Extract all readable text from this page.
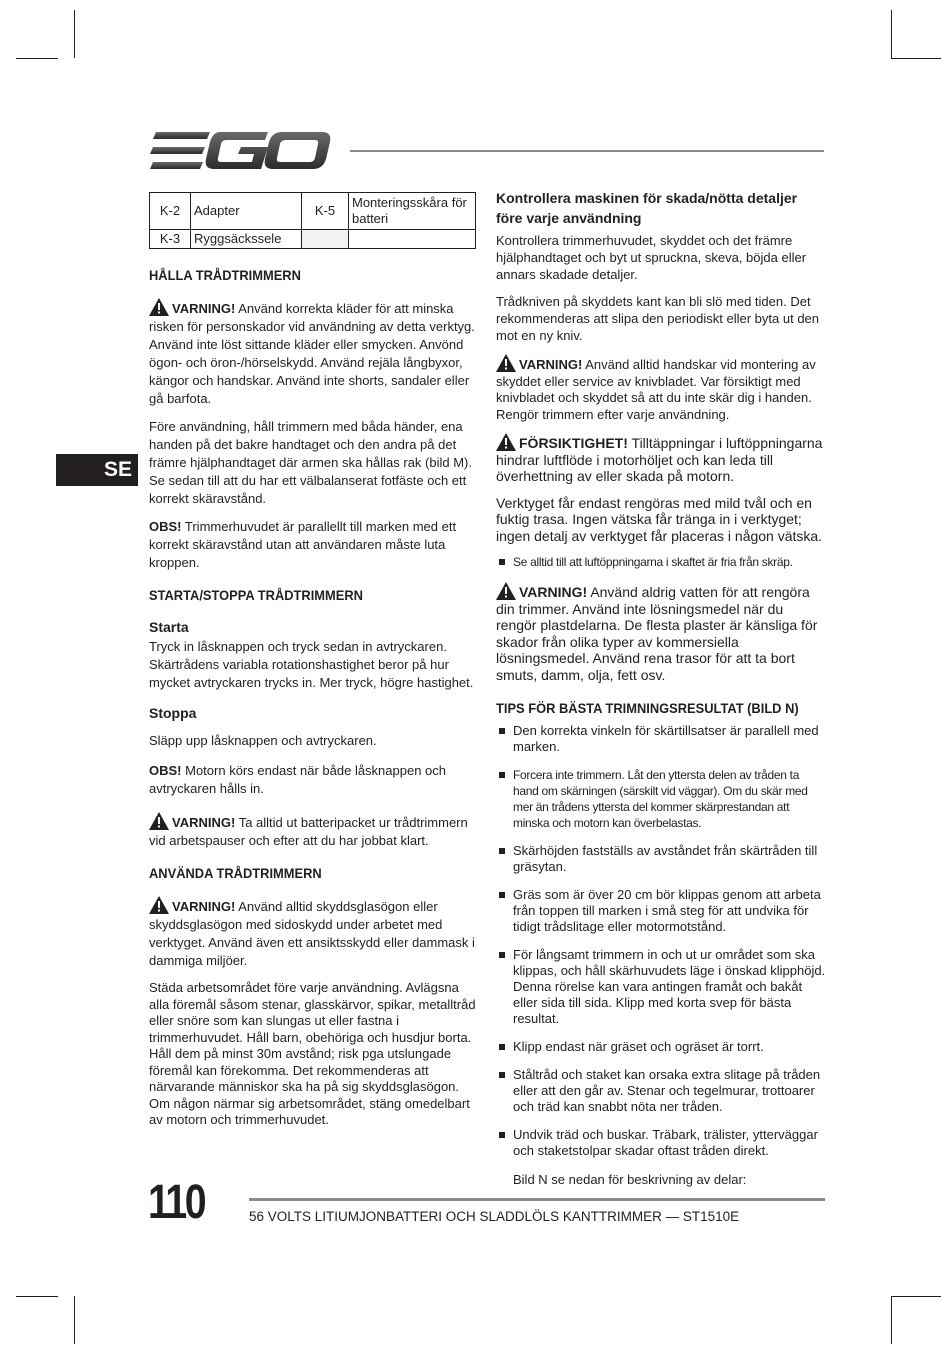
SE
K-2	Adapter	K-5	Monteringsskåra för batteri
K-3	Ryggsäckssele		
HÅLLA TRÅDTRIMMERN

VARNING! Använd korrekta kläder för att minska risken för personskador vid användning av detta verktyg. Använd inte löst sittande kläder eller smycken. Anvönd ögon- och öron-/hörselskydd. Använd rejäla långbyxor, kängor och handskar. Använd inte shorts, sandaler eller gå barfota.

Före användning, håll trimmern med båda händer, ena handen på det bakre handtaget och den andra på det främre hjälphandtaget där armen ska hållas rak (bild M). Se sedan till att du har ett välbalanserat fotfäste och ett korrekt skäravstånd.

OBS! Trimmerhuvudet är parallellt till marken med ett korrekt skäravstånd utan att användaren måste luta kroppen.

STARTA/STOPPA TRÅDTRIMMERN
Starta

Tryck in låsknappen och tryck sedan in avtryckaren. Skärtrådens variabla rotationshastighet beror på hur mycket avtryckaren trycks in. Mer tryck, högre hastighet.

Stoppa

Släpp upp låsknappen och avtryckaren.

OBS! Motorn körs endast när både låsknappen och avtryckaren hålls in.

VARNING! Ta alltid ut batteripacket ur trådtrimmern vid arbetspauser och efter att du har jobbat klart.

ANVÄNDA TRÅDTRIMMERN

VARNING! Använd alltid skyddsglasögon eller skyddsglasögon med sidoskydd under arbetet med verktyget. Använd även ett ansiktsskydd eller dammask i dammiga miljöer.

Städa arbetsområdet före varje användning. Avlägsna alla föremål såsom stenar, glasskärvor, spikar, metalltråd eller snöre som kan slungas ut eller fastna i trimmerhuvudet. Håll barn, obehöriga och husdjur borta. Håll dem på minst 30m avstånd; risk pga utslungade föremål kan förekomma. Det rekommenderas att närvarande människor ska ha på sig skyddsglasögon. Om någon närmar sig arbetsområdet, stäng omedelbart av motorn och trimmerhuvudet.

Kontrollera maskinen för skada/nötta detaljer före varje användning

Kontrollera trimmerhuvudet, skyddet och det främre hjälphandtaget och byt ut spruckna, skeva, böjda eller annars skadade detaljer.

Trådkniven på skyddets kant kan bli slö med tiden. Det rekommenderas att slipa den periodiskt eller byta ut den mot en ny kniv.

VARNING! Använd alltid handskar vid montering av skyddet eller service av knivbladet. Var försiktigt med knivbladet och skyddet så att du inte skär dig i handen. Rengör trimmern efter varje användning.

FÖRSIKTIGHET! Tilltäppningar i luftöppningarna hindrar luftflöde i motorhöljet och kan leda till överhettning av eller skada på motorn.

Verktyget får endast rengöras med mild tvål och en fuktig trasa. Ingen vätska får tränga in i verktyget; ingen detalj av verktyget får placeras i någon vätska.

Se alltid till att luftöppningarna i skaftet är fria från skräp.

VARNING! Använd aldrig vatten för att rengöra din trimmer. Använd inte lösningsmedel när du rengör plastdelarna. De flesta plaster är känsliga för skador från olika typer av kommersiella lösningsmedel. Använd rena trasor för att ta bort smuts, damm, olja, fett osv.

TIPS FÖR BÄSTA TRIMNINGSRESULTAT (BILD N)
Den korrekta vinkeln för skärtillsatser är parallell med marken.
Forcera inte trimmern. Låt den yttersta delen av tråden ta hand om skärningen (särskilt vid väggar). Om du skär med mer än trådens yttersta del kommer skärprestandan att minska och motorn kan överbelastas.
Skärhöjden fastställs av avståndet från skärtråden till gräsytan.
Gräs som är över 20 cm bör klippas genom att arbeta från toppen till marken i små steg för att undvika för tidigt trådslitage eller motormotstånd.
För långsamt trimmern in och ut ur området som ska klippas, och håll skärhuvudets läge i önskad klipphöjd. Denna rörelse kan vara antingen framåt och bakåt eller sida till sida. Klipp med korta svep för bästa resultat.
Klipp endast när gräset och ogräset är torrt.
Ståltråd och staket kan orsaka extra slitage på tråden eller att den går av. Stenar och tegelmurar, trottoarer och träd kan snabbt nöta ner tråden.
Undvik träd och buskar. Träbark, trälister, ytterväggar och staketstolpar skadar oftast tråden direkt.

Bild N se nedan för beskrivning av delar:

110	56 VOLTS LITIUMJONBATTERI OCH SLADDLÖLS KANTTRIMMER — ST1510E
